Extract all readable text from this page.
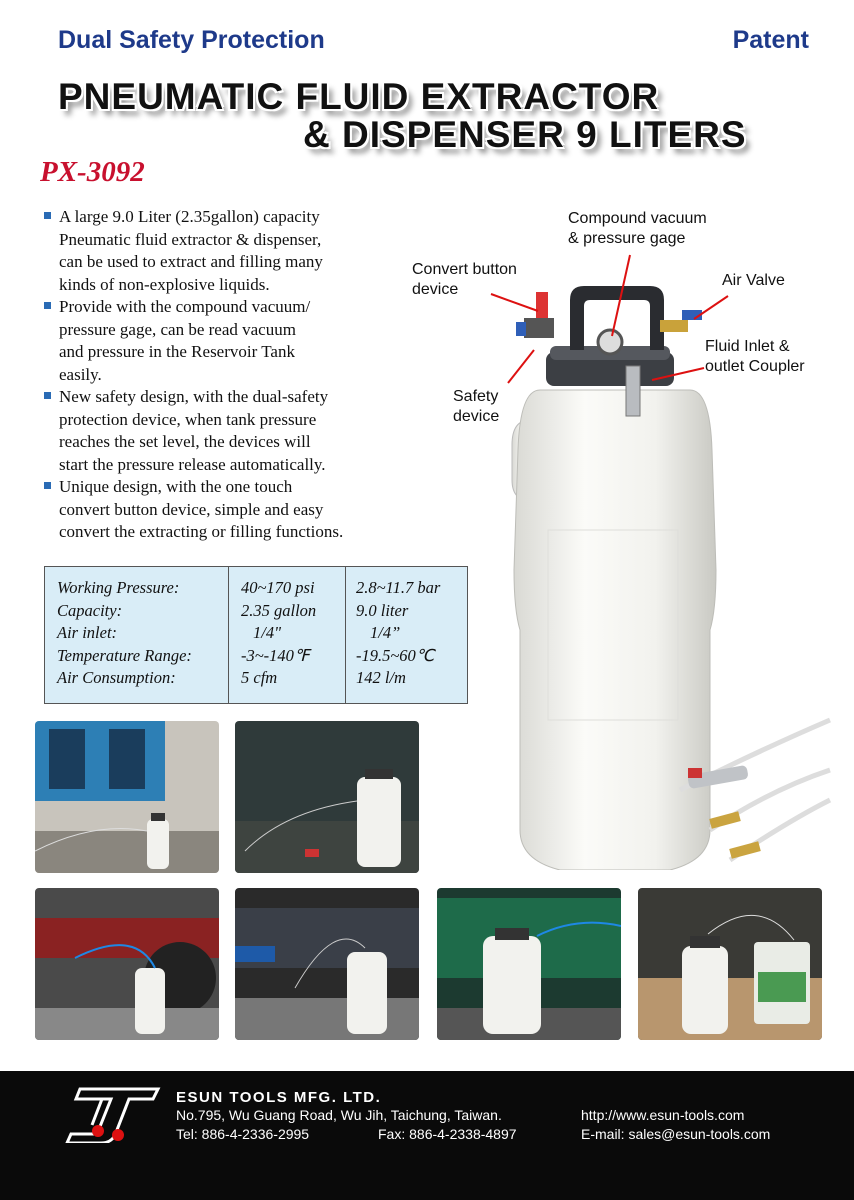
Dual Safety Protection	Patent
PNEUMATIC FLUID EXTRACTOR
& DISPENSER 9 LITERS
PX-3092
A large 9.0 Liter (2.35gallon) capacity
Pneumatic fluid extractor & dispenser,
can be used to extract and filling many
kinds of non-explosive liquids.
Provide with the compound vacuum/
pressure gage, can be read vacuum
and pressure in the Reservoir Tank
easily.
New safety design, with the dual-safety
protection device, when tank pressure
reaches the set level, the devices will
start the pressure release automatically.
Unique design, with the one touch
convert button device, simple and easy
convert the extracting or filling functions.
Working Pressure:
Capacity:
Air inlet:
Temperature Range:
Air Consumption:
40~170 psi
2.35 gallon
1/4"
-3~-140℉
5 cfm
2.8~11.7 bar
9.0 liter
1/4”
-19.5~60℃
142 l/m
Compound vacuum
& pressure gage
Convert button
device
Air Valve
Fluid Inlet &
outlet Coupler
Safety
device
ESUN TOOLS MFG. LTD.
No.795, Wu Guang Road, Wu Jih, Taichung, Taiwan.
Tel: 886-4-2336-2995	Fax: 886-4-2338-4897
http://www.esun-tools.com
E-mail: sales@esun-tools.com
